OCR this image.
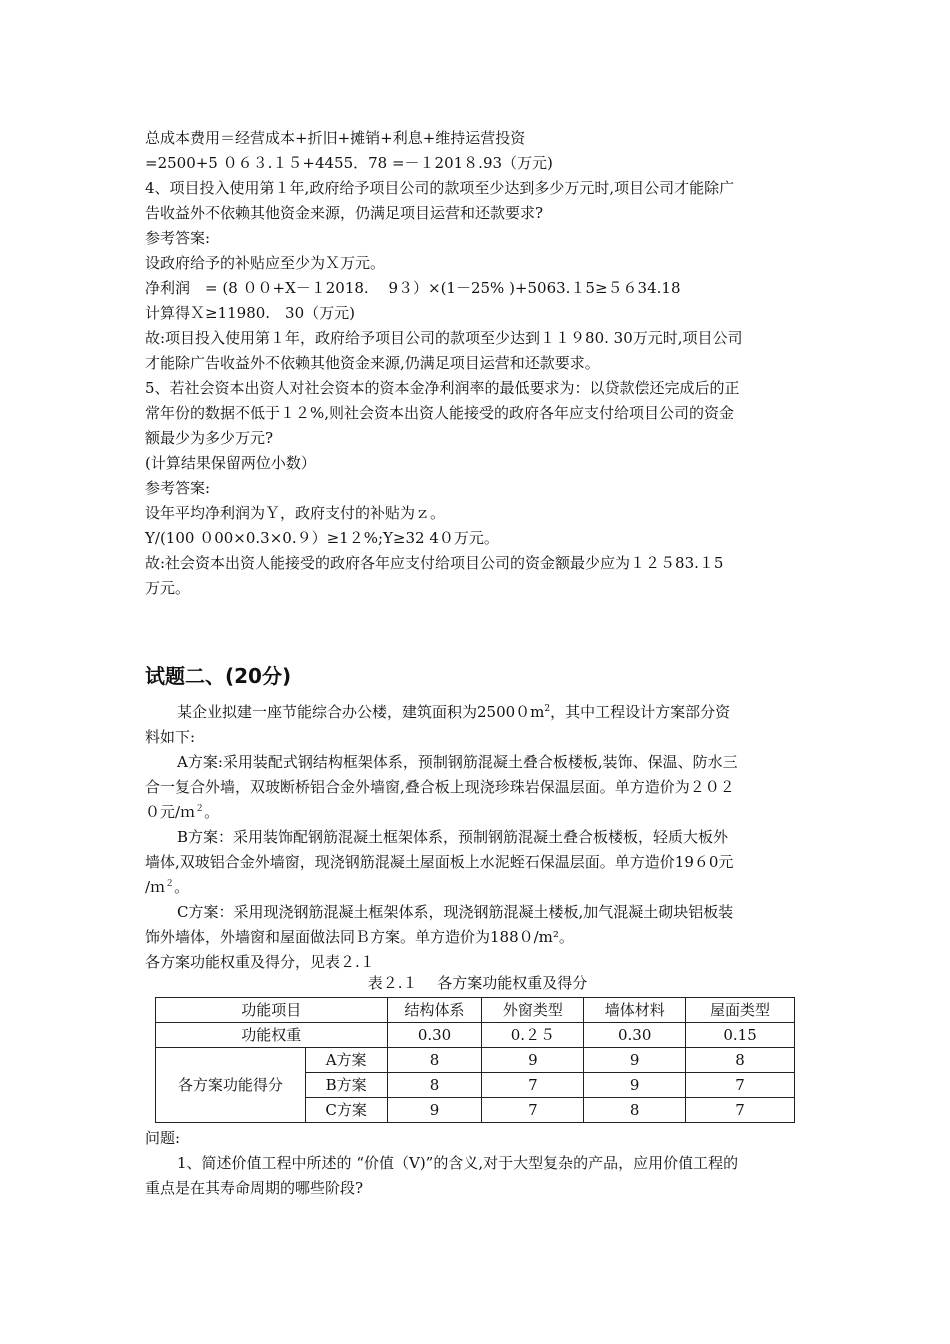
总成本费用＝经营成本+折旧+摊销+利息+维持运营投资
=2500+5 ０６３.１５+4455．78 =－１201８.93（万元)
4、项目投入使用第１年,政府给予项目公司的款项至少达到多少万元时,项目公司才能除广
告收益外不依赖其他资金来源，仍满足项目运营和还款要求?
参考答案:
设政府给予的补贴应至少为Ｘ万元。
净利润　= (8 ００+X－１2018.　 9３）×(1－25% )+5063.１5≥５６34.18
计算得Ｘ≥11980.　30（万元)
故:项目投入使用第１年，政府给予项目公司的款项至少达到１１９80. 30万元时,项目公司
才能除广告收益外不依赖其他资金来源,仍满足项目运营和还款要求。
5、若社会资本出资人对社会资本的资本金净利润率的最低要求为：以贷款偿还完成后的正
常年份的数据不低于１２%,则社会资本出资人能接受的政府各年应支付给项目公司的资金
额最少为多少万元?
(计算结果保留两位小数）
参考答案:
设年平均净利润为Ｙ，政府支付的补贴为ｚ。
Y/(100 ０00×0.3×0.９）≥1２%;Y≥32 4０万元。
故:社会资本出资人能接受的政府各年应支付给项目公司的资金额最少应为１２５83.１5
万元。
试题二、(20分)
某企业拟建一座节能综合办公楼，建筑面积为$25000m^2$，其中工程设计方案部分资
料如下:
A方案:采用装配式钢结构框架体系，预制钢筋混凝土叠合板楼板,装饰、保温、防水三
合一复合外墙，双玻断桥铝合金外墙窗,叠合板上现浇珍珠岩保温层面。单方造价为２０２
０元/ｍ$^2$。
B方案：采用装饰配钢筋混凝土框架体系，预制钢筋混凝土叠合板楼板，轻质大板外
墙体,双玻铝合金外墙窗，现浇钢筋混凝土屋面板上水泥蛭石保温层面。单方造价19６0元
/ｍ$^2$。
C方案：采用现浇钢筋混凝土框架体系，现浇钢筋混凝土楼板,加气混凝土砌块铝板装
饰外墙体，外墙窗和屋面做法同Ｂ方案。单方造价为188０/m²。
各方案功能权重及得分，见表２.１
表２.１　 各方案功能权重及得分
功能项目		结构体系	外窗类型	墙体材料	屋面类型
功能权重		0.30	0.２５	0.30	0.15
各方案功能得分	A方案	8	9	9	8
	B方案	8	7	9	7
	C方案	9	7	8	7
问题:
1、简述价值工程中所述的 “价值（V)”的含义,对于大型复杂的产品，应用价值工程的
重点是在其寿命周期的哪些阶段?
